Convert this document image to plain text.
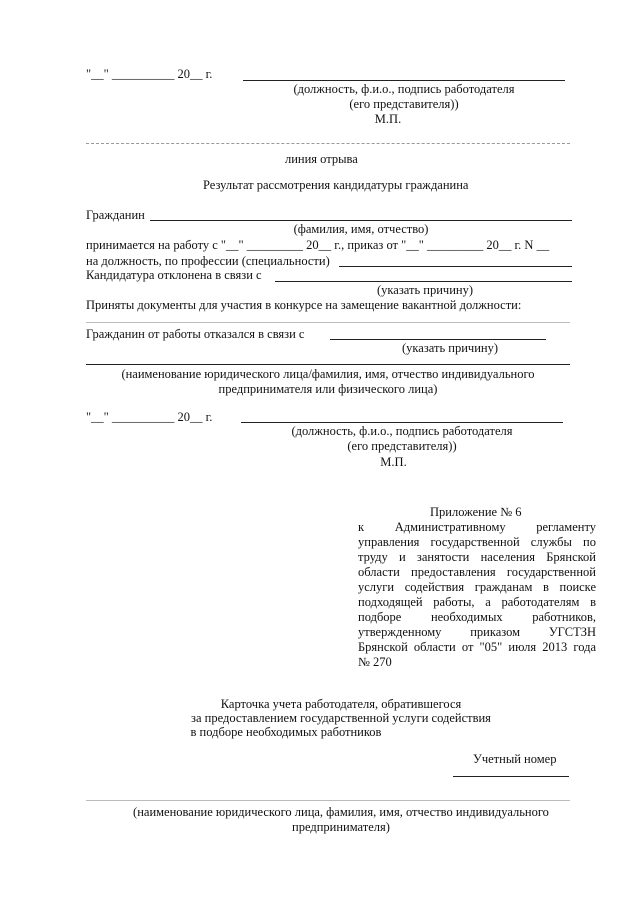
"__" __________ 20__ г.
(должность, ф.и.о., подпись работодателя
(его представителя))
М.П.
линия отрыва
Результат рассмотрения кандидатуры гражданина
Гражданин
(фамилия, имя, отчество)
принимается на работу с "__" _________ 20__ г., приказ от "__" _________ 20__ г. N __
на должность, по профессии (специальности)
Кандидатура отклонена в связи с
(указать причину)
Приняты документы для участия в конкурсе на замещение вакантной должности:
Гражданин от работы отказался в связи с
(указать причину)
(наименование юридического лица/фамилия, имя, отчество индивидуального
предпринимателя или физического лица)
"__" __________ 20__ г.
(должность, ф.и.о., подпись работодателя
(его представителя))
М.П.
Приложение № 6
к Административному регламенту
управления государственной службы по
труду и занятости населения Брянской
области предоставления государственной
услуги содействия гражданам в поиске
подходящей работы, а работодателям в
подборе необходимых работников,
утвержденному приказом УГСТЗН
Брянской области от "05" июля 2013 года
№ 270
Карточка учета работодателя, обратившегося
за предоставлением государственной услуги содействия
в подборе необходимых работников
Учетный номер
(наименование юридического лица, фамилия, имя, отчество индивидуального
предпринимателя)
